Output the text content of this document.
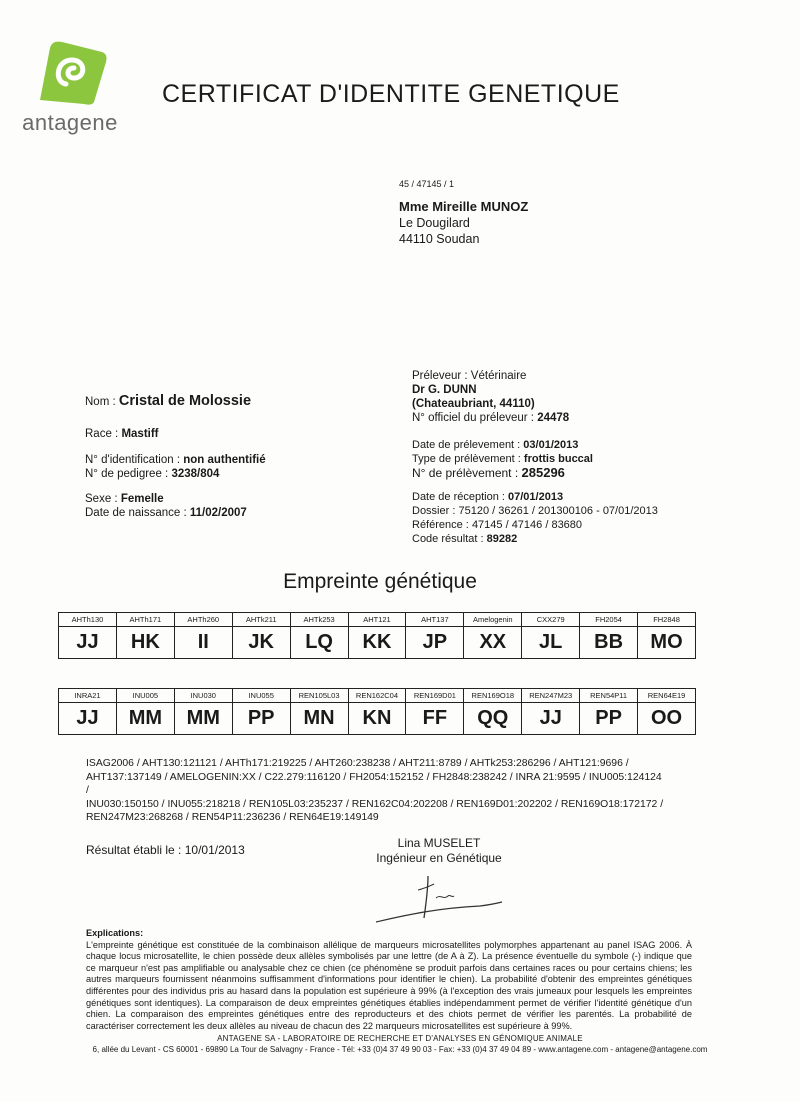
antagene
CERTIFICAT D'IDENTITE GENETIQUE
45 / 47145 / 1
Mme Mireille MUNOZ
Le Dougilard
44110 Soudan
Préleveur : Vétérinaire
Dr G. DUNN
(Chateaubriant, 44110)
N° officiel du préleveur : 24478
Date de prélevement : 03/01/2013
Type de prélèvement : frottis buccal
N° de prélèvement : 285296
Date de réception : 07/01/2013
Dossier : 75120 / 36261 / 201300106 - 07/01/2013
Référence : 47145 / 47146 / 83680
Code résultat : 89282
Nom : Cristal de Molossie
Race : Mastiff
N° d'identification : non authentifié
N° de pedigree : 3238/804
Sexe : Femelle
Date de naissance : 11/02/2007
Empreinte génétique
AHTh130	AHTh171	AHTh260	AHTk211	AHTk253	AHT121	AHT137	Amelogenin	CXX279	FH2054	FH2848
JJ	HK	II	JK	LQ	KK	JP	XX	JL	BB	MO
INRA21	INU005	INU030	INU055	REN105L03	REN162C04	REN169D01	REN169O18	REN247M23	REN54P11	REN64E19
JJ	MM	MM	PP	MN	KN	FF	QQ	JJ	PP	OO
ISAG2006 / AHT130:121121 / AHTh171:219225 / AHT260:238238 / AHT211:8789 / AHTk253:286296 / AHT121:9696 /
AHT137:137149 / AMELOGENIN:XX / C22.279:116120 / FH2054:152152 / FH2848:238242 / INRA 21:9595 / INU005:124124 /
INU030:150150 / INU055:218218 / REN105L03:235237 / REN162C04:202208 / REN169D01:202202 / REN169O18:172172 /
REN247M23:268268 / REN54P11:236236 / REN64E19:149149
Résultat établi le : 10/01/2013	Lina MUSELET
Ingénieur en Génétique
Explications:
L'empreinte génétique est constituée de la combinaison allélique de marqueurs microsatellites polymorphes appartenant au panel ISAG 2006. À chaque locus microsatellite, le chien possède deux allèles symbolisés par une lettre (de A à Z). La présence éventuelle du symbole (-) indique que ce marqueur n'est pas amplifiable ou analysable chez ce chien (ce phénomène se produit parfois dans certaines races ou pour certains chiens; les autres marqueurs fournissent néanmoins suffisamment d'informations pour identifier le chien). La probabilité d'obtenir des empreintes génétiques différentes pour des individus pris au hasard dans la population est supérieure à 99% (à l'exception des vrais jumeaux pour lesquels les empreintes génétiques sont identiques). La comparaison de deux empreintes génétiques établies indépendamment permet de vérifier l'identité génétique d'un chien. La comparaison des empreintes génétiques entre des reproducteurs et des chiots permet de vérifier les parentés. La probabilité de caractériser correctement les deux allèles au niveau de chacun des 22 marqueurs microsatellites est supérieure à 99%.
ANTAGENE SA - LABORATOIRE DE RECHERCHE ET D'ANALYSES EN GÉNOMIQUE ANIMALE
6, allée du Levant - CS 60001 - 69890 La Tour de Salvagny - France - Tél: +33 (0)4 37 49 90 03 - Fax: +33 (0)4 37 49 04 89 - www.antagene.com - antagene@antagene.com
